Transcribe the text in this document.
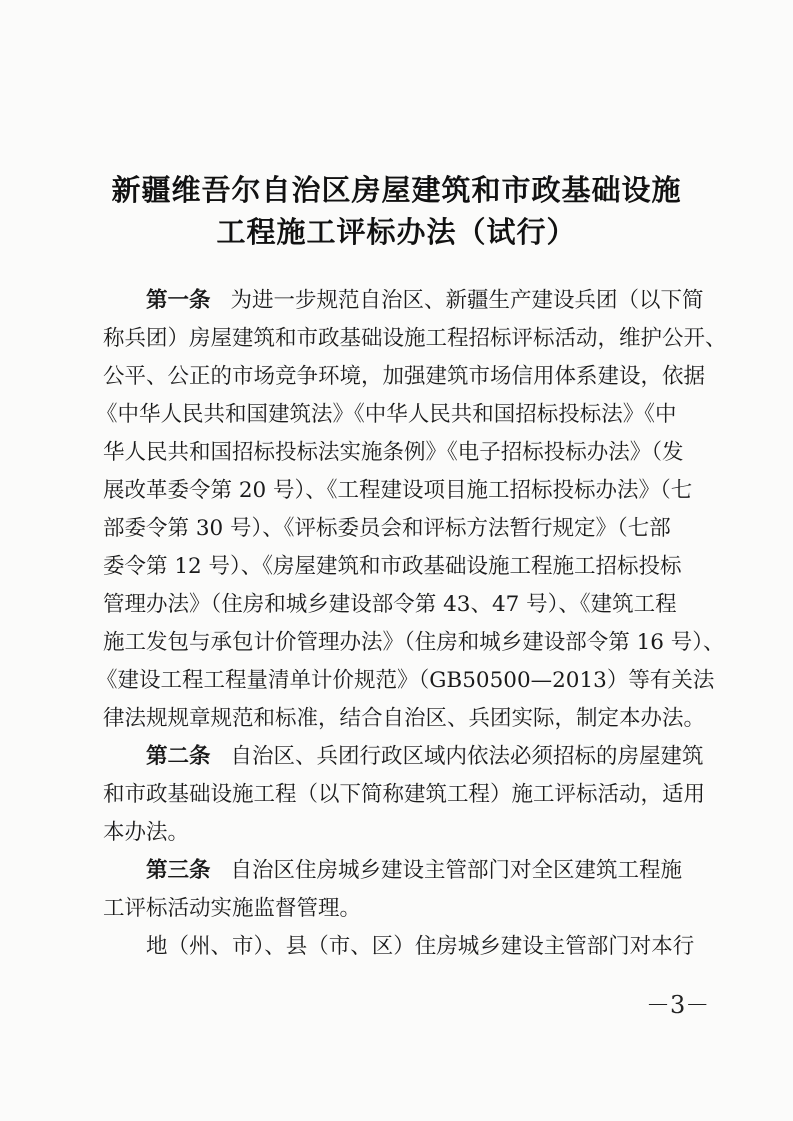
新疆维吾尔自治区房屋建筑和市政基础设施
工程施工评标办法（试行）
第一条 为进一步规范自治区、新疆生产建设兵团（以下简
称兵团）房屋建筑和市政基础设施工程招标评标活动，维护公开、
公平、公正的市场竞争环境，加强建筑市场信用体系建设，依据
《中华人民共和国建筑法》《中华人民共和国招标投标法》《中
华人民共和国招标投标法实施条例》《电子招标投标办法》（发
展改革委令第 20 号）、《工程建设项目施工招标投标办法》（七
部委令第 30 号）、《评标委员会和评标方法暂行规定》（七部
委令第 12 号）、《房屋建筑和市政基础设施工程施工招标投标
管理办法》（住房和城乡建设部令第 43、47 号）、《建筑工程
施工发包与承包计价管理办法》（住房和城乡建设部令第 16 号）、
《建设工程工程量清单计价规范》（GB50500—2013）等有关法
律法规规章规范和标准，结合自治区、兵团实际，制定本办法。
第二条 自治区、兵团行政区域内依法必须招标的房屋建筑
和市政基础设施工程（以下简称建筑工程）施工评标活动，适用
本办法。
第三条 自治区住房城乡建设主管部门对全区建筑工程施
工评标活动实施监督管理。
地（州、市）、县（市、区）住房城乡建设主管部门对本行
－3－
